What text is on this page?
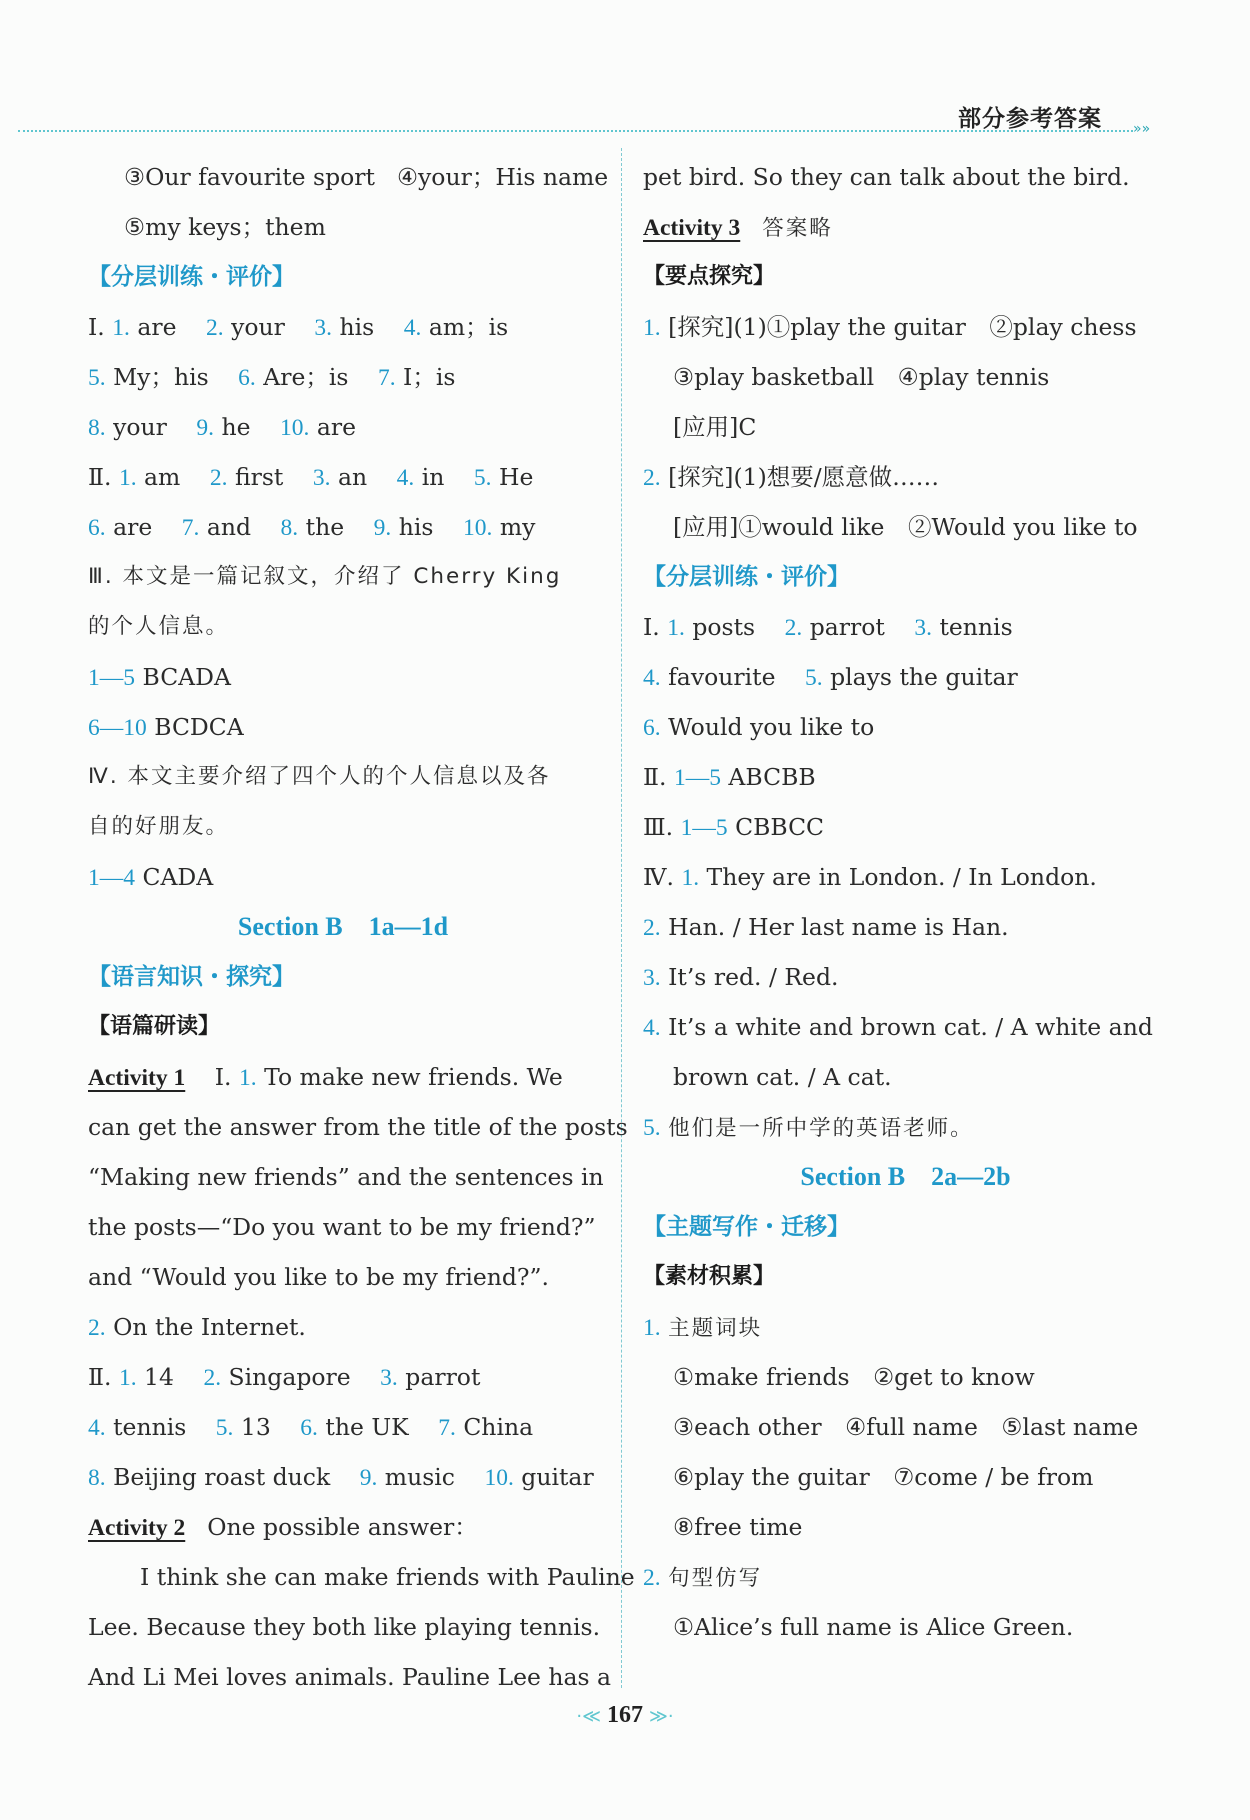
部分参考答案 »»
③Our favourite sport ④your；His name
⑤my keys；them
【分层训练・评价】
Ⅰ. 1. are 2. your 3. his 4. am；is
5. My；his 6. Are；is 7. I；is
8. your 9. he 10. are
Ⅱ. 1. am 2. first 3. an 4. in 5. He
6. are 7. and 8. the 9. his 10. my
Ⅲ. 本文是一篇记叙文，介绍了 Cherry King
的个人信息。
1—5 BCADA
6—10 BCDCA
Ⅳ. 本文主要介绍了四个人的个人信息以及各
自的好朋友。
1—4 CADA
Section B　1a—1d
【语言知识・探究】
【语篇研读】
Activity 1 Ⅰ. 1. To make new friends. We
can get the answer from the title of the posts
“Making new friends” and the sentences in
the posts—“Do you want to be my friend?”
and “Would you like to be my friend?”.
2. On the Internet.
Ⅱ. 1. 14 2. Singapore 3. parrot
4. tennis 5. 13 6. the UK 7. China
8. Beijing roast duck 9. music 10. guitar
Activity 2 One possible answer：
I think she can make friends with Pauline
Lee. Because they both like playing tennis.
And Li Mei loves animals. Pauline Lee has a
pet bird. So they can talk about the bird.
Activity 3 答案略
【要点探究】
1. [探究](1)①play the guitar　②play chess
③play basketball　④play tennis
[应用]C
2. [探究](1)想要/愿意做……
[应用]①would like　②Would you like to
【分层训练・评价】
Ⅰ. 1. posts 2. parrot 3. tennis
4. favourite 5. plays the guitar
6. Would you like to
Ⅱ. 1—5 ABCBB
Ⅲ. 1—5 CBBCC
Ⅳ. 1. They are in London. / In London.
2. Han. / Her last name is Han.
3. It’s red. / Red.
4. It’s a white and brown cat. / A white and
brown cat. / A cat.
5. 他们是一所中学的英语老师。
Section B　2a—2b
【主题写作・迁移】
【素材积累】
1. 主题词块
①make friends　②get to know
③each other　④full name　⑤last name
⑥play the guitar　⑦come / be from
⑧free time
2. 句型仿写
①Alice’s full name is Alice Green.
·≪ 167 ≫·
